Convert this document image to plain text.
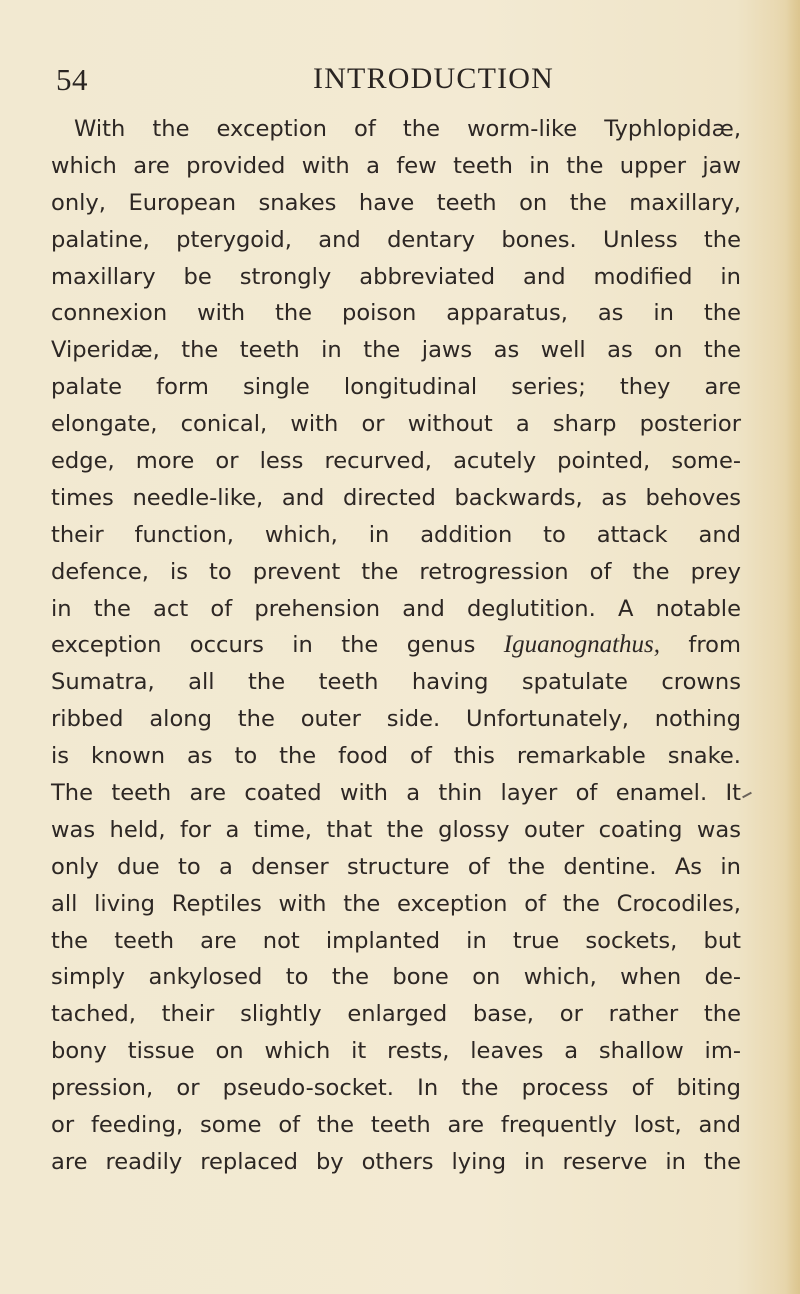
54	INTRODUCTION
With the exception of the worm-like Typhlopidæ,
which are provided with a few teeth in the upper jaw
only, European snakes have teeth on the maxillary,
palatine, pterygoid, and dentary bones. Unless the
maxillary be strongly abbreviated and modified in
connexion with the poison apparatus, as in the
Viperidæ, the teeth in the jaws as well as on the
palate form single longitudinal series; they are
elongate, conical, with or without a sharp posterior
edge, more or less recurved, acutely pointed, some-
times needle-like, and directed backwards, as behoves
their function, which, in addition to attack and
defence, is to prevent the retrogression of the prey
in the act of prehension and deglutition. A notable
exception occurs in the genus Iguanognathus, from
Sumatra, all the teeth having spatulate crowns
ribbed along the outer side. Unfortunately, nothing
is known as to the food of this remarkable snake.
The teeth are coated with a thin layer of enamel. It
was held, for a time, that the glossy outer coating was
only due to a denser structure of the dentine. As in
all living Reptiles with the exception of the Crocodiles,
the teeth are not implanted in true sockets, but
simply ankylosed to the bone on which, when de-
tached, their slightly enlarged base, or rather the
bony tissue on which it rests, leaves a shallow im-
pression, or pseudo-socket. In the process of biting
or feeding, some of the teeth are frequently lost, and
are readily replaced by others lying in reserve in the
